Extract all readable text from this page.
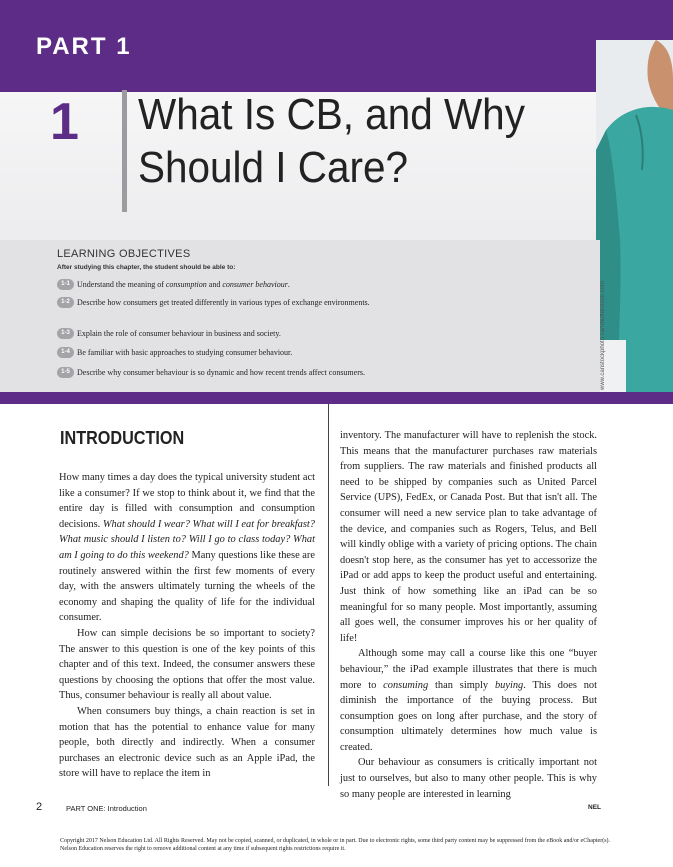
PART 1
1 What Is CB, and Why
Should I Care?
www.canstockphoto.ca/Shutterstock.com
LEARNING OBJECTIVES
After studying this chapter, the student should be able to:
1-1 Understand the meaning of consumption and consumer behaviour.
1-2 Describe how consumers get treated differently in various types of exchange environments.
1-3 Explain the role of consumer behaviour in business and society.
1-4 Be familiar with basic approaches to studying consumer behaviour.
1-5 Describe why consumer behaviour is so dynamic and how recent trends affect consumers.
INTRODUCTION

How many times a day does the typical university student act like a consumer? If we stop to think about it, we find that the entire day is filled with consumption and consumption decisions. What should I wear? What will I eat for breakfast? What music should I listen to? Will I go to class today? What am I going to do this weekend? Many questions like these are routinely answered within the first few moments of every day, with the answers ultimately turning the wheels of the economy and shaping the quality of life for the individual consumer.

How can simple decisions be so important to society? The answer to this question is one of the key points of this chapter and of this text. Indeed, the consumer answers these questions by choosing the options that offer the most value. Thus, consumer behaviour is really all about value.

When consumers buy things, a chain reaction is set in motion that has the potential to enhance value for many people, both directly and indirectly. When a consumer purchases an electronic device such as an Apple iPad, the store will have to replace the item in

inventory. The manufacturer will have to replenish the stock. This means that the manufacturer purchases raw materials from suppliers. The raw materials and finished products all need to be shipped by companies such as United Parcel Service (UPS), FedEx, or Canada Post. But that isn't all. The consumer will need a new service plan to take advantage of the device, and companies such as Rogers, Telus, and Bell will kindly oblige with a variety of pricing options. The chain doesn't stop here, as the consumer has yet to accessorize the iPad or add apps to keep the product useful and entertaining. Just think of how something like an iPad can be so meaningful for so many people. Most importantly, assuming all goes well, the consumer improves his or her quality of life!

Although some may call a course like this one “buyer behaviour,” the iPad example illustrates that there is much more to consuming than simply buying. This does not diminish the importance of the buying process. But consumption goes on long after purchase, and the story of consumption ultimately determines how much value is created.

Our behaviour as consumers is critically important not just to ourselves, but also to many other people. This is why so many people are interested in learning

2	PART ONE: Introduction	NEL
Copyright 2017 Nelson Education Ltd. All Rights Reserved. May not be copied, scanned, or duplicated, in whole or in part. Due to electronic rights, some third party content may be suppressed from the eBook and/or eChapter(s). Nelson Education reserves the right to remove additional content at any time if subsequent rights restrictions require it.
